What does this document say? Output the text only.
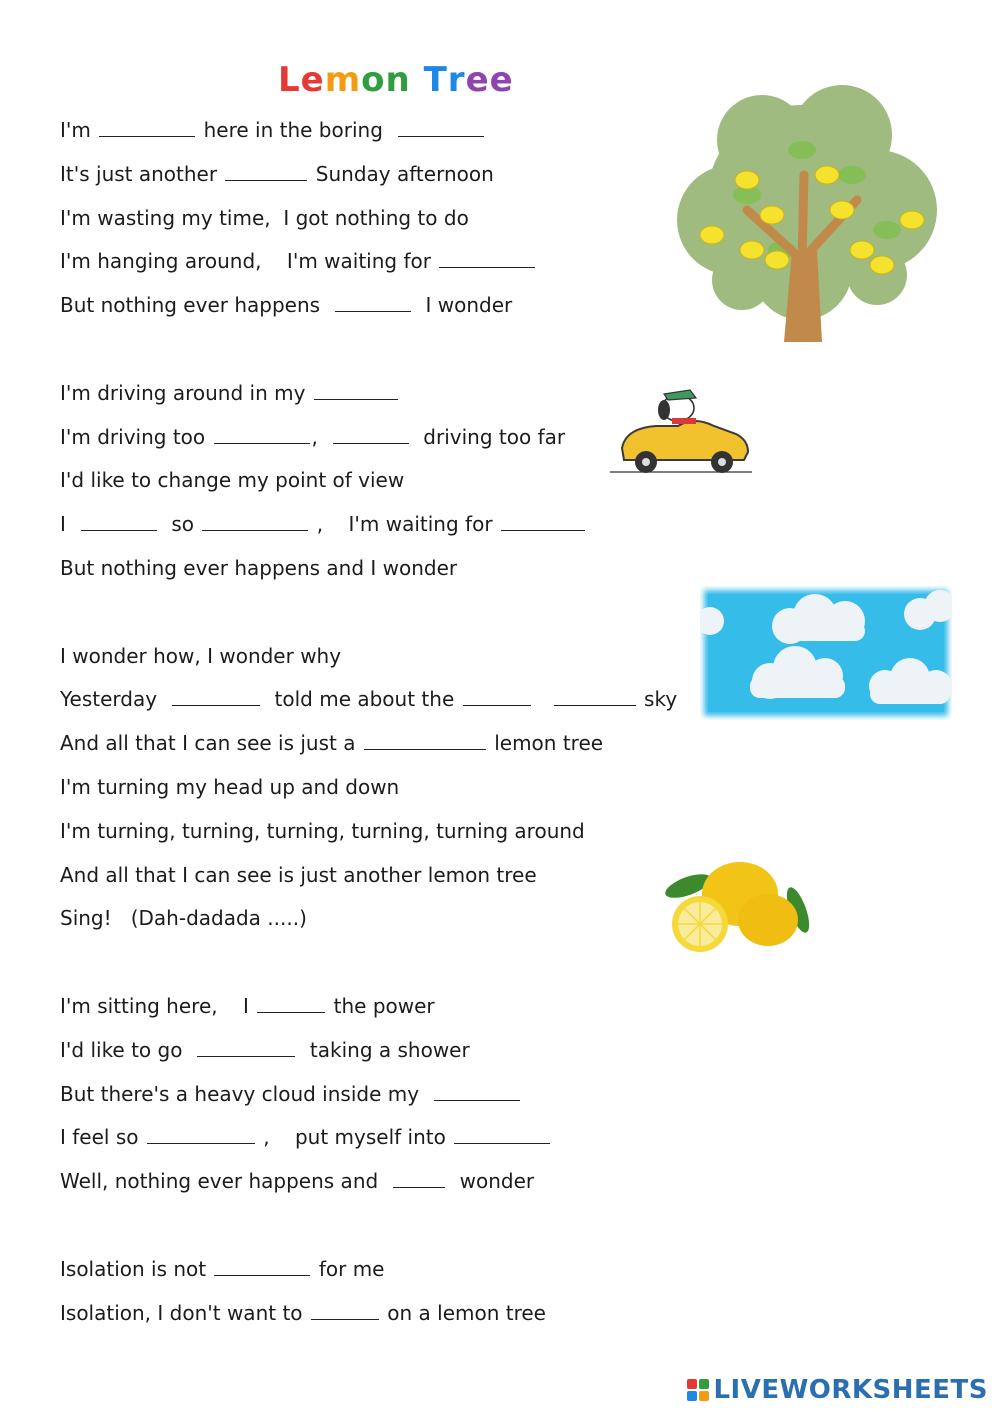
Lemon Tree
I'm	here in the boring
It's just another	Sunday afternoon
I'm wasting my time,  I got nothing to do
I'm hanging around,    I'm waiting for
But nothing ever happens	I wonder
I'm driving around in my
I'm driving too	,	driving too far
I'd like to change my point of view
I	so	,    I'm waiting for
But nothing ever happens and I wonder
I wonder how, I wonder why
Yesterday	told me about the	sky
And all that I can see is just a	lemon tree
I'm turning my head up and down
I'm turning, turning, turning, turning, turning around
And all that I can see is just another lemon tree
Sing!   (Dah-dadada .....)
I'm sitting here,    I	the power
I'd like to go	taking a shower
But there's a heavy cloud inside my
I feel so	,    put myself into
Well, nothing ever happens and	wonder
Isolation is not	for me
Isolation, I don't want to	on a lemon tree
LIVEWORKSHEETS
